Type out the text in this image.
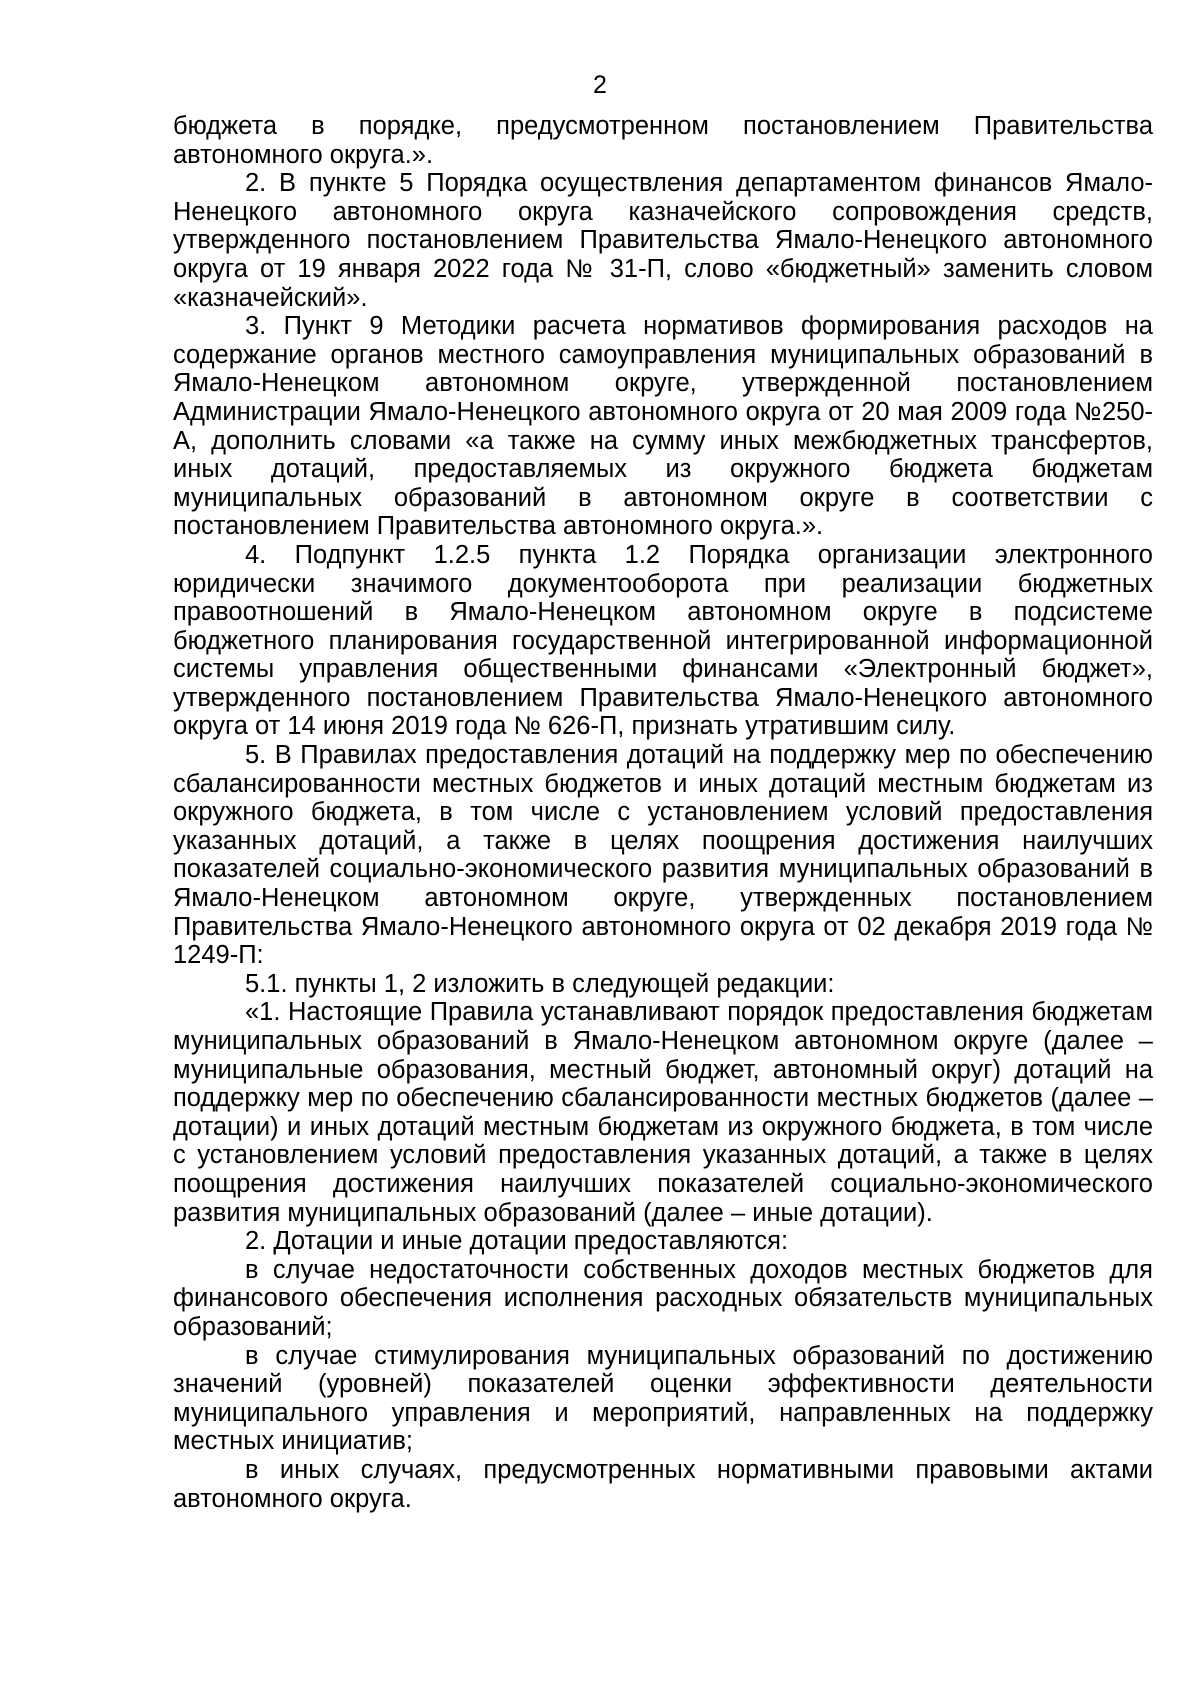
2

бюджета в порядке, предусмотренном постановлением Правительства автономного округа.».

2. В пункте 5 Порядка осуществления департаментом финансов Ямало-Ненецкого автономного округа казначейского сопровождения средств, утвержденного постановлением Правительства Ямало-Ненецкого автономного округа от 19 января 2022 года № 31-П, слово «бюджетный» заменить словом «казначейский».

3. Пункт 9 Методики расчета нормативов формирования расходов на содержание органов местного самоуправления муниципальных образований в Ямало-Ненецком автономном округе, утвержденной постановлением Администрации Ямало-Ненецкого автономного округа от 20 мая 2009 года №250-А, дополнить словами «а также на сумму иных межбюджетных трансфертов, иных дотаций, предоставляемых из окружного бюджета бюджетам муниципальных образований в автономном округе в соответствии с постановлением Правительства автономного округа.».

4. Подпункт 1.2.5 пункта 1.2 Порядка организации электронного юридически значимого документооборота при реализации бюджетных правоотношений в Ямало-Ненецком автономном округе в подсистеме бюджетного планирования государственной интегрированной информационной системы управления общественными финансами «Электронный бюджет», утвержденного постановлением Правительства Ямало-Ненецкого автономного округа от 14 июня 2019 года № 626-П, признать утратившим силу.

5. В Правилах предоставления дотаций на поддержку мер по обеспечению сбалансированности местных бюджетов и иных дотаций местным бюджетам из окружного бюджета, в том числе с установлением условий предоставления указанных дотаций, а также в целях поощрения достижения наилучших показателей социально-экономического развития муниципальных образований в Ямало-Ненецком автономном округе, утвержденных постановлением Правительства Ямало-Ненецкого автономного округа от 02 декабря 2019 года № 1249-П:

5.1. пункты 1, 2 изложить в следующей редакции:

«1. Настоящие Правила устанавливают порядок предоставления бюджетам муниципальных образований в Ямало-Ненецком автономном округе (далее – муниципальные образования, местный бюджет, автономный округ) дотаций на поддержку мер по обеспечению сбалансированности местных бюджетов (далее – дотации) и иных дотаций местным бюджетам из окружного бюджета, в том числе с установлением условий предоставления указанных дотаций, а также в целях поощрения достижения наилучших показателей социально-экономического развития муниципальных образований (далее – иные дотации).

2. Дотации и иные дотации предоставляются:

в случае недостаточности собственных доходов местных бюджетов для финансового обеспечения исполнения расходных обязательств муниципальных образований;

в случае стимулирования муниципальных образований по достижению значений (уровней) показателей оценки эффективности деятельности муниципального управления и мероприятий, направленных на поддержку местных инициатив;

в иных случаях, предусмотренных нормативными правовыми актами автономного округа.
